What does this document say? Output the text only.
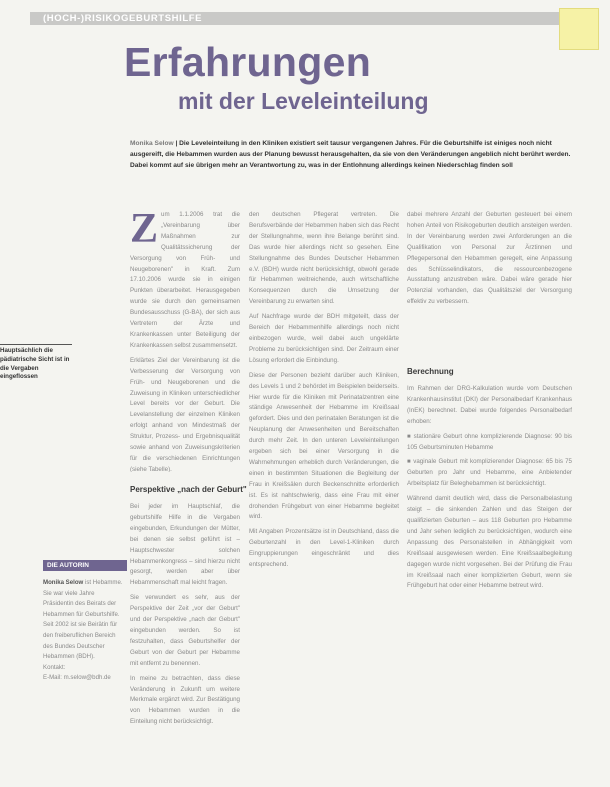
(HOCH-)RISIKOGEBURTSHILFE
Erfahrungen
mit der Leveleinteilung
Monika Selow | Die Leveleinteilung in den Kliniken existiert seit tausur vergangenen Jahres. Für die Geburtshilfe ist einiges noch nicht ausgereift, die Hebammen wurden aus der Planung bewusst herausgehalten, da sie von den Veränderungen angeblich nicht berührt werden. Dabei kommt auf sie übrigen mehr an Verantwortung zu, was in der Entlohnung allerdings keinen Niederschlag finden soll
Hauptsächlich die pädiatrische Sicht ist in die Vergaben eingeflossen
Z um 1.1.2006 trat die „Vereinbarung über Maßnahmen zur Qualitätssicherung der Versorgung von Früh- und Neugeborenen" in Kraft. Zum 17.10.2006 wurde sie in einigen Punkten überarbeitet. Herausgegeben wurde sie durch den gemeinsamen Bundesausschuss (G-BA), der sich aus Vertretern der Ärzte und Krankenkassen unter Beteiligung der Krankenkassen selbst zusammensetzt.

Erklärtes Ziel der Vereinbarung ist die Verbesserung der Versorgung von Früh- und Neugeborenen und die Zuweisung in Kliniken unterschiedlicher Level bereits vor der Geburt. Die Levelanstellung der einzelnen Kliniken erfolgt anhand von Mindestmaß der Struktur, Prozess- und Ergebnisqualität sowie anhand von Zuweisungskriterien für die verschiedenen Einrichtungen (siehe Tabelle).

Perspektive „nach der Geburt"

Bei jeder im Hauptschlaf, die geburtshilfe Hilfe in die Vergaben eingebunden, Erkundungen der Mütter, bei denen sie selbst geführt ist – Hauptschwester solchen Hebammenkongress – sind hierzu nicht gesorgt, werden aber über Hebammenschaft mal leicht fragen.

Sie verwundert es sehr, aus der Perspektive der Zeit „vor der Geburt" und der Perspektive „nach der Geburt" eingebunden werden. So ist festzuhalten, dass Geburtshelfer der Geburt von der Geburt per Hebamme mit entfernt zu benennen.

In meine zu betrachten, dass diese Veränderung in Zukunft um weitere Merkmale ergänzt wird. Zur Bestätigung von Hebammen wurden in die Einteilung nicht berücksichtigt.

DIE AUTORIN
Monika Selow ist Hebamme. Sie war viele Jahre Präsidentin des Beirats der Hebammen für Geburtshilfe. Seit 2002 ist sie Beirätin für den freiberuflichen Bereich des Bundes Deutscher Hebammen (BDH).
Kontakt:
E-Mail: m.selow@bdh.de

den deutschen Pflegerat vertreten. Die Berufsverbände der Hebammen haben sich das Recht der Stellungnahme, wenn ihre Belange berührt sind. Das wurde hier allerdings nicht so gesehen. Eine Stellungnahme des Bundes Deutscher Hebammen e.V. (BDH) wurde nicht berücksichtigt, obwohl gerade für Hebammen weitreichende, auch wirtschaftliche Konsequenzen durch die Umsetzung der Vereinbarung zu erwarten sind.

Auf Nachfrage wurde der BDH mitgeteilt, dass der Bereich der Hebammenhilfe allerdings noch nicht einbezogen wurde, weil dabei auch ungeklärte Probleme zu berücksichtigen sind. Der Zeitraum einer Lösung erfordert die Einbindung.

Diese der Personen bezieht darüber auch Kliniken, des Levels 1 und 2 behördet im Beispielen beiderseits. Hier wurde für die Kliniken mit Perinatalzentren eine ständige Anwesenheit der Hebamme im Kreißsaal gefordert. Dies und den perinatalen Beratungen ist die Neuplanung der Anwesenheiten und Bereitschaften durch mehr Zeit. In den unteren Leveleinteilungen ergeben sich bei einer Versorgung in die Wahrnehmungen erheblich durch Veränderungen, die einen in bestimmten Situationen die Begleitung der Frau in Kreißsälen durch Beckenschnitte erforderlich ist. Es ist nahtschwierig, dass eine Frau mit einer drohenden Frühgeburt von einer Hebamme begleitet wird.

Mit Angaben Prozentsätze ist in Deutschland, dass die Geburtenzahl in den Level-1-Kliniken durch Eingruppierungen eingeschränkt und dies entsprechend.

dabei mehrere Anzahl der Geburten gesteuert bei einem hohen Anteil von Risikogeburten deutlich ansteigen werden. In der Vereinbarung werden zwei Anforderungen an die Qualifikation von Personal zur Ärztinnen und Pflegepersonal den Hebammen geregelt, eine Anpassung des Schlüsselindikators, die ressourcenbezogene Ausstattung anzustreben wäre. Dabei wäre gerade hier Potenzial vorhanden, das Qualitätsziel der Versorgung effektiv zu verbessern.

Berechnung

Im Rahmen der DRG-Kalkulation wurde vom Deutschen Krankenhausinstitut (DKI) der Personalbedarf Krankenhaus (InEK) berechnet. Dabei wurde folgendes Personalbedarf erhoben:

■ stationäre Geburt ohne komplizierende Diagnose: 90 bis 105 Geburtsminuten Hebamme

■ vaginale Geburt mit komplizierender Diagnose: 65 bis 75 Geburten pro Jahr und Hebamme, eine Anbietender Arbeitsplatz für Beleghebammen ist berücksichtigt.

Während damit deutlich wird, dass die Personalbelastung steigt – die sinkenden Zahlen und das Steigen der qualifizierten Geburten – aus 118 Geburten pro Hebamme und Jahr sehen lediglich zu berücksichtigen, wodurch eine Anpassung des Personalstellen in Abhängigkeit vom Kreißsaal ausgewiesen werden. Eine Kreißsaalbegleitung dagegen wurde nicht vorgesehen. Bei der Prüfung die Frau im Kreißsaal nach einer komplizierten Geburt, wenn sie Frühgeburt hat oder einer Hebamme betreut wird.
